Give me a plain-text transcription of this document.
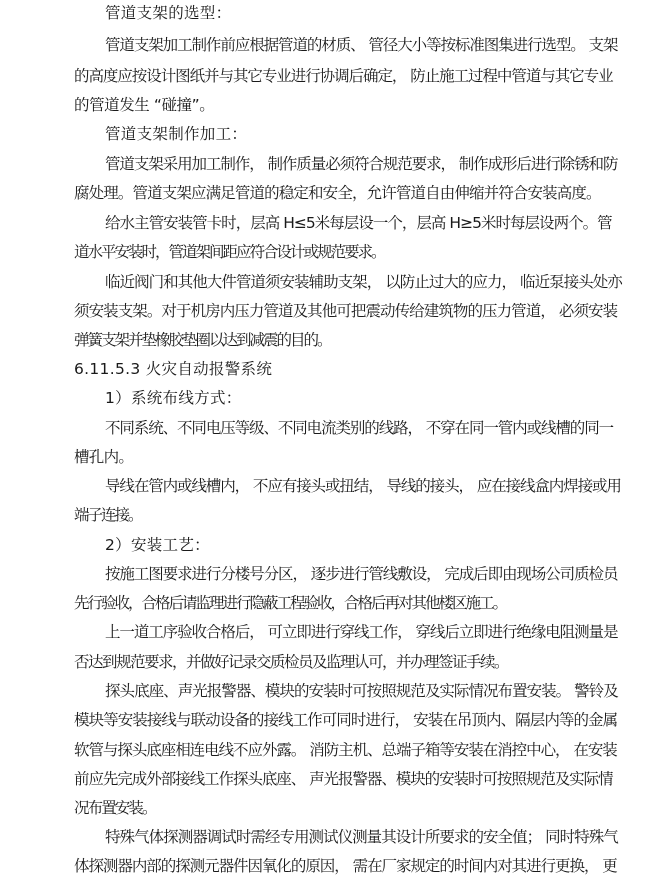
管道支架的选型：
管道支架加工制作前应根据管道的材质、 管径大小等按标准图集进行选型。 支架
的高度应按设计图纸并与其它专业进行协调后确定， 防止施工过程中管道与其它专业
的管道发生 “碰撞”。
管道支架制作加工：
管道支架采用加工制作， 制作质量必须符合规范要求， 制作成形后进行除锈和防
腐处理。管道支架应满足管道的稳定和安全，允许管道自由伸缩并符合安装高度。
给水主管安装管卡时，层高 H≤5米每层设一个，层高 H≥5米时每层设两个。管
道水平安装时，管道架间距应符合设计或规范要求。
临近阀门和其他大件管道须安装辅助支架， 以防止过大的应力， 临近泵接头处亦
须安装支架。对于机房内压力管道及其他可把震动传给建筑物的压力管道， 必须安装
弹簧支架并垫橡胶垫圈以达到减震的目的。
6.11.5.3 火灾自动报警系统
1）系统布线方式：
不同系统、不同电压等级、不同电流类别的线路， 不穿在同一管内或线槽的同一
槽孔内。
导线在管内或线槽内， 不应有接头或扭结， 导线的接头， 应在接线盒内焊接或用
端子连接。
2）安装工艺：
按施工图要求进行分楼号分区， 逐步进行管线敷设， 完成后即由现场公司质检员
先行验收，合格后请监理进行隐蔽工程验收，合格后再对其他楼区施工。
上一道工序验收合格后， 可立即进行穿线工作， 穿线后立即进行绝缘电阻测量是
否达到规范要求，并做好记录交质检员及监理认可，并办理签证手续。
探头底座、声光报警器、模块的安装时可按照规范及实际情况布置安装。 警铃及
模块等安装接线与联动设备的接线工作可同时进行， 安装在吊顶内、隔层内等的金属
软管与探头底座相连电线不应外露。 消防主机、总端子箱等安装在消控中心， 在安装
前应先完成外部接线工作探头底座、 声光报警器、模块的安装时可按照规范及实际情
况布置安装。
特殊气体探测器调试时需经专用测试仪测量其设计所要求的安全值； 同时特殊气
体探测器内部的探测元器件因氧化的原因， 需在厂家规定的时间内对其进行更换， 更
